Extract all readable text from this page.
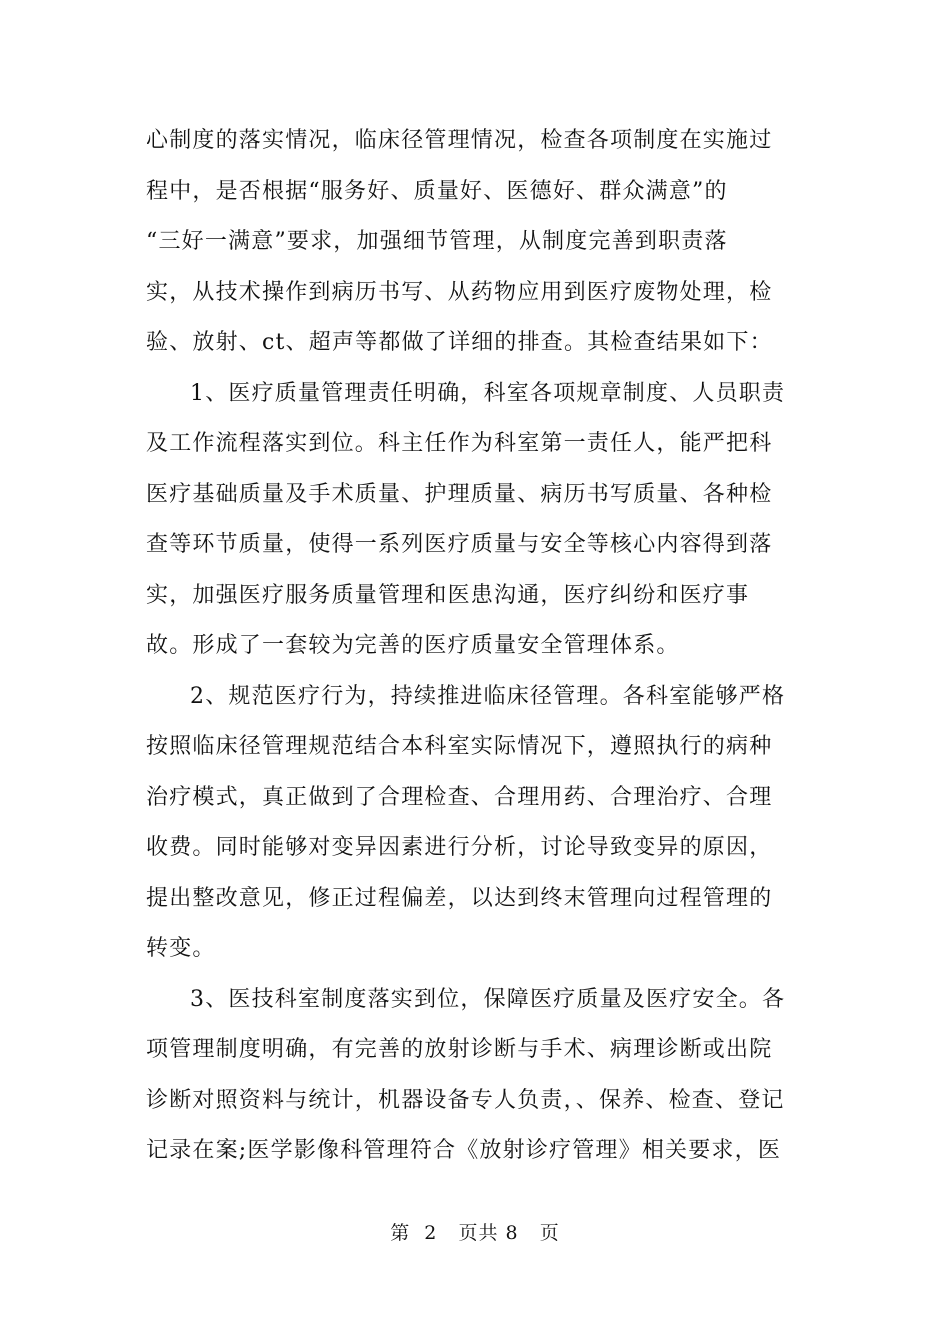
心制度的落实情况，临床径管理情况，检查各项制度在实施过
程中，是否根据“服务好、质量好、医德好、群众满意”的
“三好一满意”要求，加强细节管理，从制度完善到职责落
实，从技术操作到病历书写、从药物应用到医疗废物处理，检
验、放射、ct、超声等都做了详细的排查。其检查结果如下：
1、医疗质量管理责任明确，科室各项规章制度、人员职责
及工作流程落实到位。科主任作为科室第一责任人，能严把科
医疗基础质量及手术质量、护理质量、病历书写质量、各种检
查等环节质量，使得一系列医疗质量与安全等核心内容得到落
实，加强医疗服务质量管理和医患沟通，医疗纠纷和医疗事
故。形成了一套较为完善的医疗质量安全管理体系。
2、规范医疗行为，持续推进临床径管理。各科室能够严格
按照临床径管理规范结合本科室实际情况下，遵照执行的病种
治疗模式，真正做到了合理检查、合理用药、合理治疗、合理
收费。同时能够对变异因素进行分析，讨论导致变异的原因，
提出整改意见，修正过程偏差，以达到终末管理向过程管理的
转变。
3、医技科室制度落实到位，保障医疗质量及医疗安全。各
项管理制度明确，有完善的放射诊断与手术、病理诊断或出院
诊断对照资料与统计，机器设备专人负责，、保养、检查、登记
记录在案;医学影像科管理符合《放射诊疗管理》相关要求，医
第  2   页共 8   页
